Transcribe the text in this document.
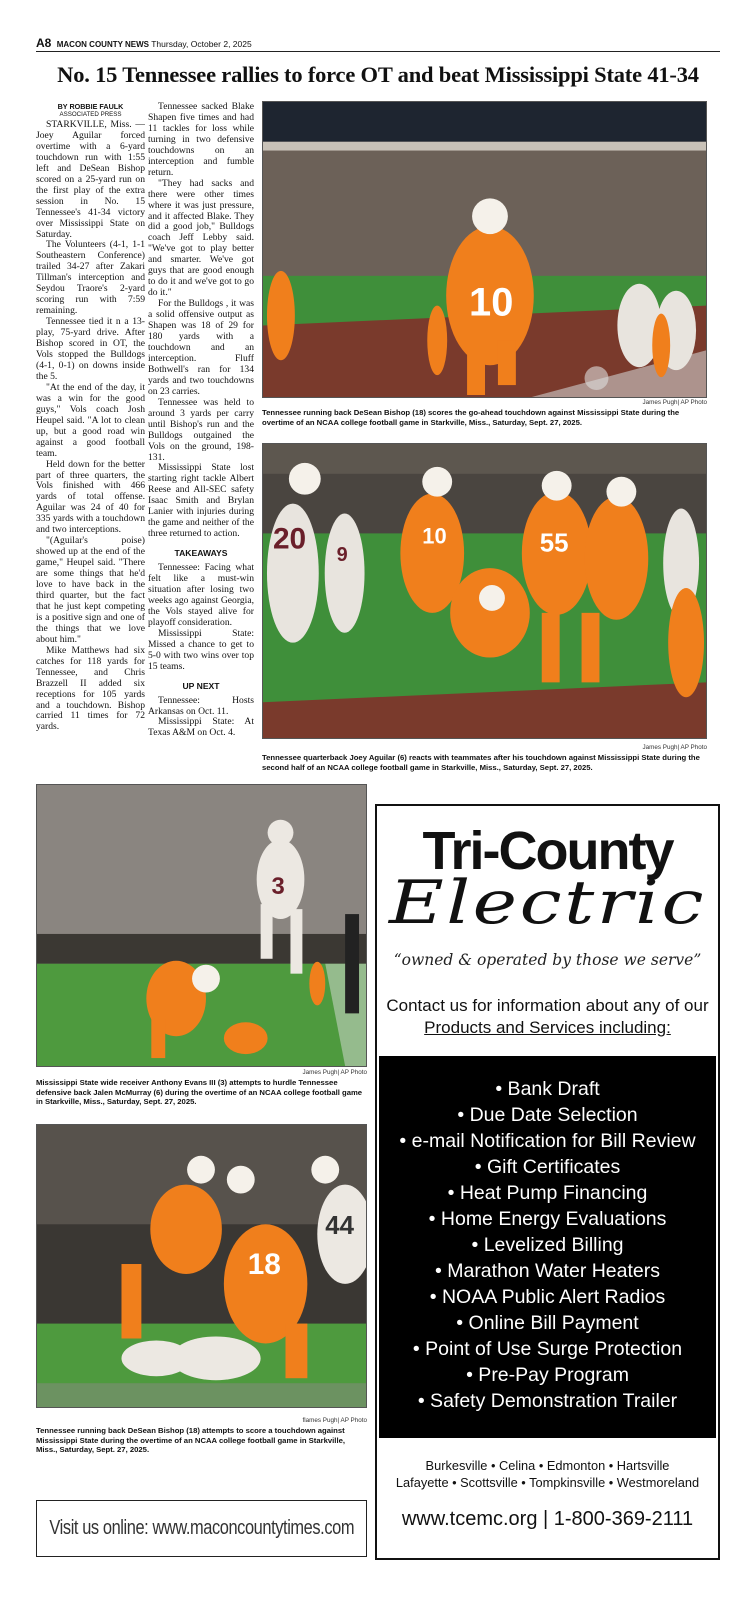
A8 MACON COUNTY NEWS Thursday, October 2, 2025
No. 15 Tennessee rallies to force OT and beat Mississippi State 41-34
BY ROBBIE FAULK
ASSOCIATED PRESS

STARKVILLE, Miss. — Joey Aguilar forced overtime with a 6-yard touchdown run with 1:55 left and DeSean Bishop scored on a 25-yard run on the first play of the extra session in No. 15 Tennessee's 41-34 victory over Mississippi State on Saturday.

The Volunteers (4-1, 1-1 Southeastern Conference) trailed 34-27 after Zakari Tillman's interception and Seydou Traore's 2-yard scoring run with 7:59 remaining.

Tennessee tied it n a 13-play, 75-yard drive. After Bishop scored in OT, the Vols stopped the Bulldogs (4-1, 0-1) on downs inside the 5.

"At the end of the day, it was a win for the good guys," Vols coach Josh Heupel said. "A lot to clean up, but a good road win against a good football team.

Held down for the better part of three quarters, the Vols finished with 466 yards of total offense. Aguilar was 24 of 40 for 335 yards with a touchdown and two interceptions.

"(Aguilar's poise) showed up at the end of the game," Heupel said. "There are some things that he'd love to have back in the third quarter, but the fact that he just kept competing is a positive sign and one of the things that we love about him."

Mike Matthews had six catches for 118 yards for Tennessee, and Chris Brazzell II added six receptions for 105 yards and a touchdown. Bishop carried 11 times for 72 yards.

Tennessee sacked Blake Shapen five times and had 11 tackles for loss while turning in two defensive touchdowns on an interception and fumble return.

"They had sacks and there were other times where it was just pressure, and it affected Blake. They did a good job," Bulldogs coach Jeff Lebby said. "We've got to play better and smarter. We've got guys that are good enough to do it and we've got to go do it."

For the Bulldogs , it was a solid offensive output as Shapen was 18 of 29 for 180 yards with a touchdown and an interception. Fluff Bothwell's ran for 134 yards and two touchdowns on 23 carries.

Tennessee was held to around 3 yards per carry until Bishop's run and the Bulldogs outgained the Vols on the ground, 198-131.

Mississippi State lost starting right tackle Albert Reese and All-SEC safety Isaac Smith and Brylan Lanier with injuries during the game and neither of the three returned to action.

TAKEAWAYS

Tennessee: Facing what felt like a must-win situation after losing two weeks ago against Georgia, the Vols stayed alive for playoff consideration.

Mississippi State: Missed a chance to get to 5-0 with two wins over top 15 teams.

UP NEXT

Tennessee: Hosts Arkansas on Oct. 11.

Mississippi State: At Texas A&M on Oct. 4.

10
James Pugh| AP Photo
Tennessee running back DeSean Bishop (18) scores the go-ahead touchdown against Mississippi State during the overtime of an NCAA college football game in Starkville, Miss., Saturday, Sept. 27, 2025.
20	10	55
9
James Pugh| AP Photo
Tennessee quarterback Joey Aguilar (6) reacts with teammates after his touchdown against Mississippi State during the second half of an NCAA college football game in Starkville, Miss., Saturday, Sept. 27, 2025.
3
James Pugh| AP Photo
Mississippi State wide receiver Anthony Evans III (3) attempts to hurdle Tennessee defensive back Jalen McMurray (6) during the overtime of an NCAA college football game in Starkville, Miss., Saturday, Sept. 27, 2025.
18
44
flames Pugh| AP Photo
Tennessee running back DeSean Bishop (18) attempts to score a touchdown against Mississippi State during the overtime of an NCAA college football game in Starkville, Miss., Saturday, Sept. 27, 2025.
Visit us online: www.maconcountytimes.com
Tri-County
Electric
“owned & operated by those we serve”
Contact us for information about any of our
Products and Services including:
• Bank Draft
• Due Date Selection
• e-mail Notification for Bill Review
• Gift Certificates
• Heat Pump Financing
• Home Energy Evaluations
• Levelized Billing
• Marathon Water Heaters
• NOAA Public Alert Radios
• Online Bill Payment
• Point of Use Surge Protection
• Pre-Pay Program
• Safety Demonstration Trailer
Burkesville • Celina • Edmonton • Hartsville
Lafayette • Scottsville • Tompkinsville • Westmoreland
www.tcemc.org | 1-800-369-2111
